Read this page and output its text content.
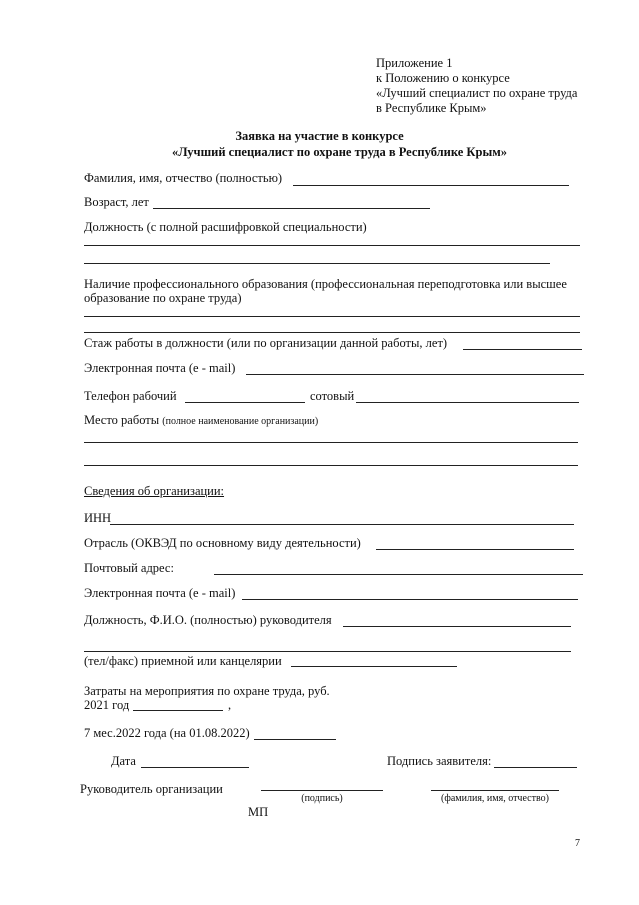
Приложение 1
к Положению о конкурсе
«Лучший специалист по охране труда
в Республике Крым»
Заявка на участие в конкурсе
«Лучший специалист по охране труда в Республике Крым»
Фамилия, имя, отчество (полностью)
Возраст, лет
Должность (с полной расшифровкой специальности)
Наличие профессионального образования (профессиональная переподготовка или высшее
образование по охране труда)
Стаж работы в должности (или по организации данной работы, лет)
Электронная почта (e - mail)
Телефон рабочий	сотовый
Место работы (полное наименование организации)
Сведения об организации:
ИНН
Отрасль (ОКВЭД по основному виду деятельности)
Почтовый адрес:
Электронная почта (e - mail)
Должность, Ф.И.О. (полностью) руководителя
(тел/факс) приемной или канцелярии
Затраты на мероприятия по охране труда, руб.
2021 год	,
7 мес.2022 года (на 01.08.2022)
Дата	Подпись заявителя:
Руководитель организации
(подпись)	(фамилия, имя, отчество)
МП
7
